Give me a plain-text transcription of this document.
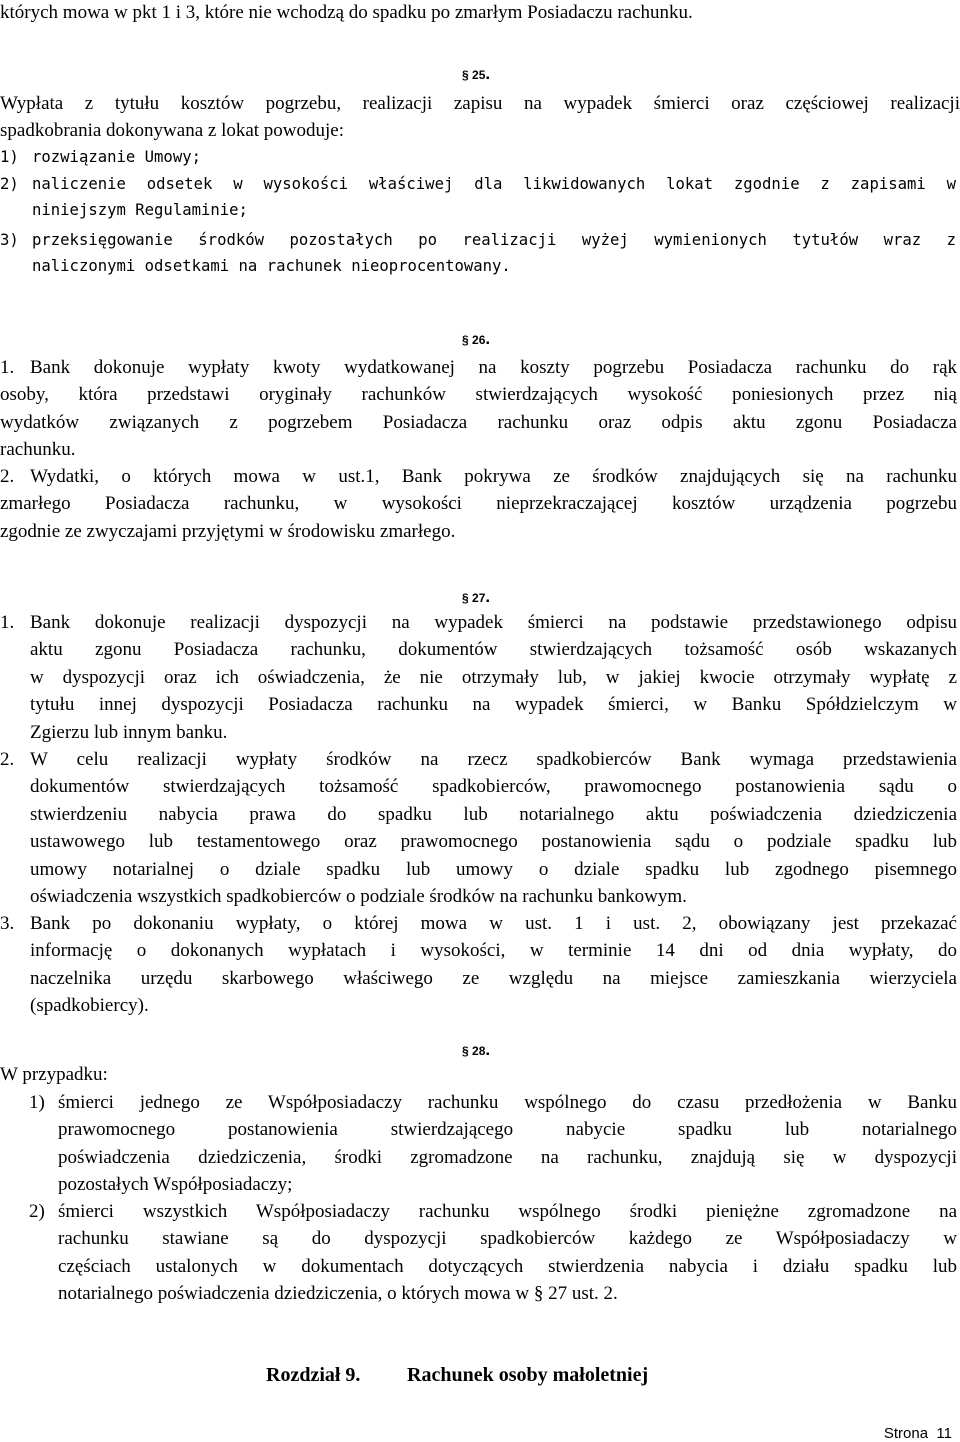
których mowa w pkt 1 i 3, które nie wchodzą do spadku po zmarłym Posiadaczu rachunku.
§ 25.
Wypłata z tytułu kosztów pogrzebu, realizacji zapisu na wypadek śmierci oraz częściowej realizacji
spadkobrania dokonywana z lokat powoduje:
1) rozwiązanie Umowy;
2) naliczenie odsetek w wysokości właściwej dla likwidowanych lokat zgodnie z zapisami w
niniejszym Regulaminie;
3) przeksięgowanie środków pozostałych po realizacji wyżej wymienionych tytułów wraz z
naliczonymi odsetkami na rachunek nieoprocentowany.
§ 26.
1. Bank dokonuje wypłaty kwoty wydatkowanej na koszty pogrzebu Posiadacza rachunku do rąk
osoby, która przedstawi oryginały rachunków stwierdzających wysokość poniesionych przez nią
wydatków związanych z pogrzebem Posiadacza rachunku oraz odpis aktu zgonu Posiadacza
rachunku.
2. Wydatki, o których mowa w ust.1, Bank pokrywa ze środków znajdujących się na rachunku
zmarłego Posiadacza rachunku, w wysokości nieprzekraczającej kosztów urządzenia pogrzebu
zgodnie ze zwyczajami przyjętymi w środowisku zmarłego.
§ 27.
1. Bank dokonuje realizacji dyspozycji na wypadek śmierci na podstawie przedstawionego odpisu
aktu zgonu Posiadacza rachunku, dokumentów stwierdzających tożsamość osób wskazanych
w dyspozycji oraz ich oświadczenia, że nie otrzymały lub, w jakiej kwocie otrzymały wypłatę z
tytułu innej dyspozycji Posiadacza rachunku na wypadek śmierci, w Banku Spółdzielczym w
Zgierzu lub innym banku.
2. W celu realizacji wypłaty środków na rzecz spadkobierców Bank wymaga przedstawienia
dokumentów stwierdzających tożsamość spadkobierców, prawomocnego postanowienia sądu o
stwierdzeniu nabycia prawa do spadku lub notarialnego aktu poświadczenia dziedziczenia
ustawowego lub testamentowego oraz prawomocnego postanowienia sądu o podziale spadku lub
umowy notarialnej o dziale spadku lub umowy o dziale spadku lub zgodnego pisemnego
oświadczenia wszystkich spadkobierców o podziale środków na rachunku bankowym.
3. Bank po dokonaniu wypłaty, o której mowa w ust. 1 i ust. 2, obowiązany jest przekazać
informację o dokonanych wypłatach i wysokości, w terminie 14 dni od dnia wypłaty, do
naczelnika urzędu skarbowego właściwego ze względu na miejsce zamieszkania wierzyciela
(spadkobiercy).
§ 28.
W przypadku:
1) śmierci jednego ze Współposiadaczy rachunku wspólnego do czasu przedłożenia w Banku
prawomocnego postanowienia stwierdzającego nabycie spadku lub notarialnego
poświadczenia dziedziczenia, środki zgromadzone na rachunku, znajdują się w dyspozycji
pozostałych Współposiadaczy;
2) śmierci wszystkich Współposiadaczy rachunku wspólnego środki pieniężne zgromadzone na
rachunku stawiane są do dyspozycji spadkobierców każdego ze Współposiadaczy w
częściach ustalonych w dokumentach dotyczących stwierdzenia nabycia i działu spadku lub
notarialnego poświadczenia dziedziczenia, o których mowa w § 27 ust. 2.
Rozdział 9. Rachunek osoby małoletniej
Strona 11
